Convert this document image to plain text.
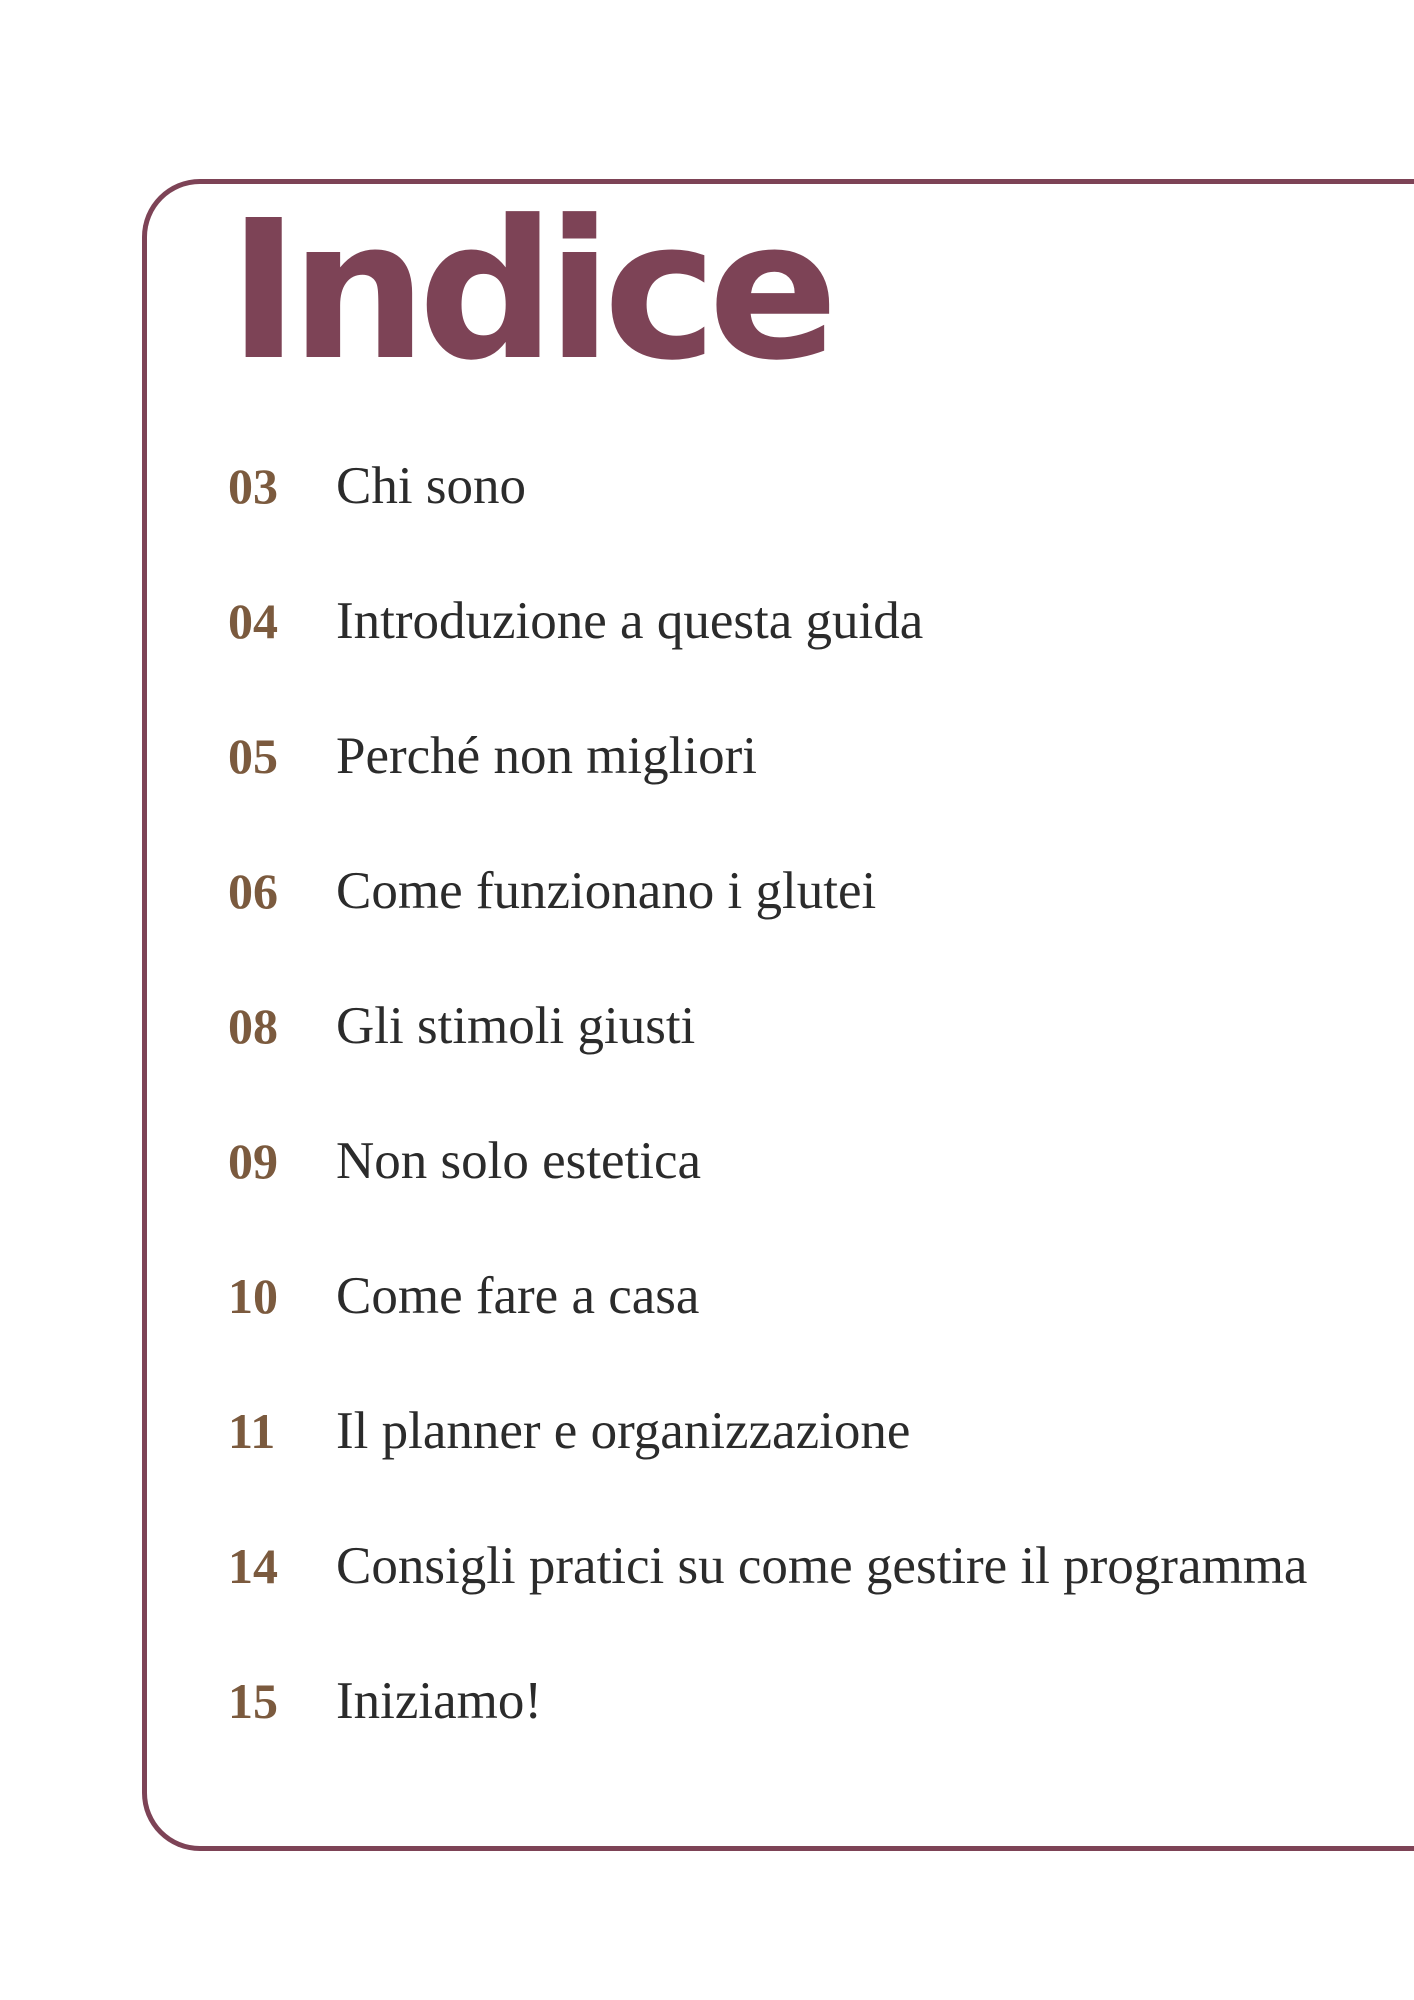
Indice
03	Chi sono
04	Introduzione a questa guida
05	Perché non migliori
06	Come funzionano i glutei
08	Gli stimoli giusti
09	Non solo estetica
10	Come fare a casa
11	Il planner e organizzazione
14	Consigli pratici su come gestire il programma
15	Iniziamo!
